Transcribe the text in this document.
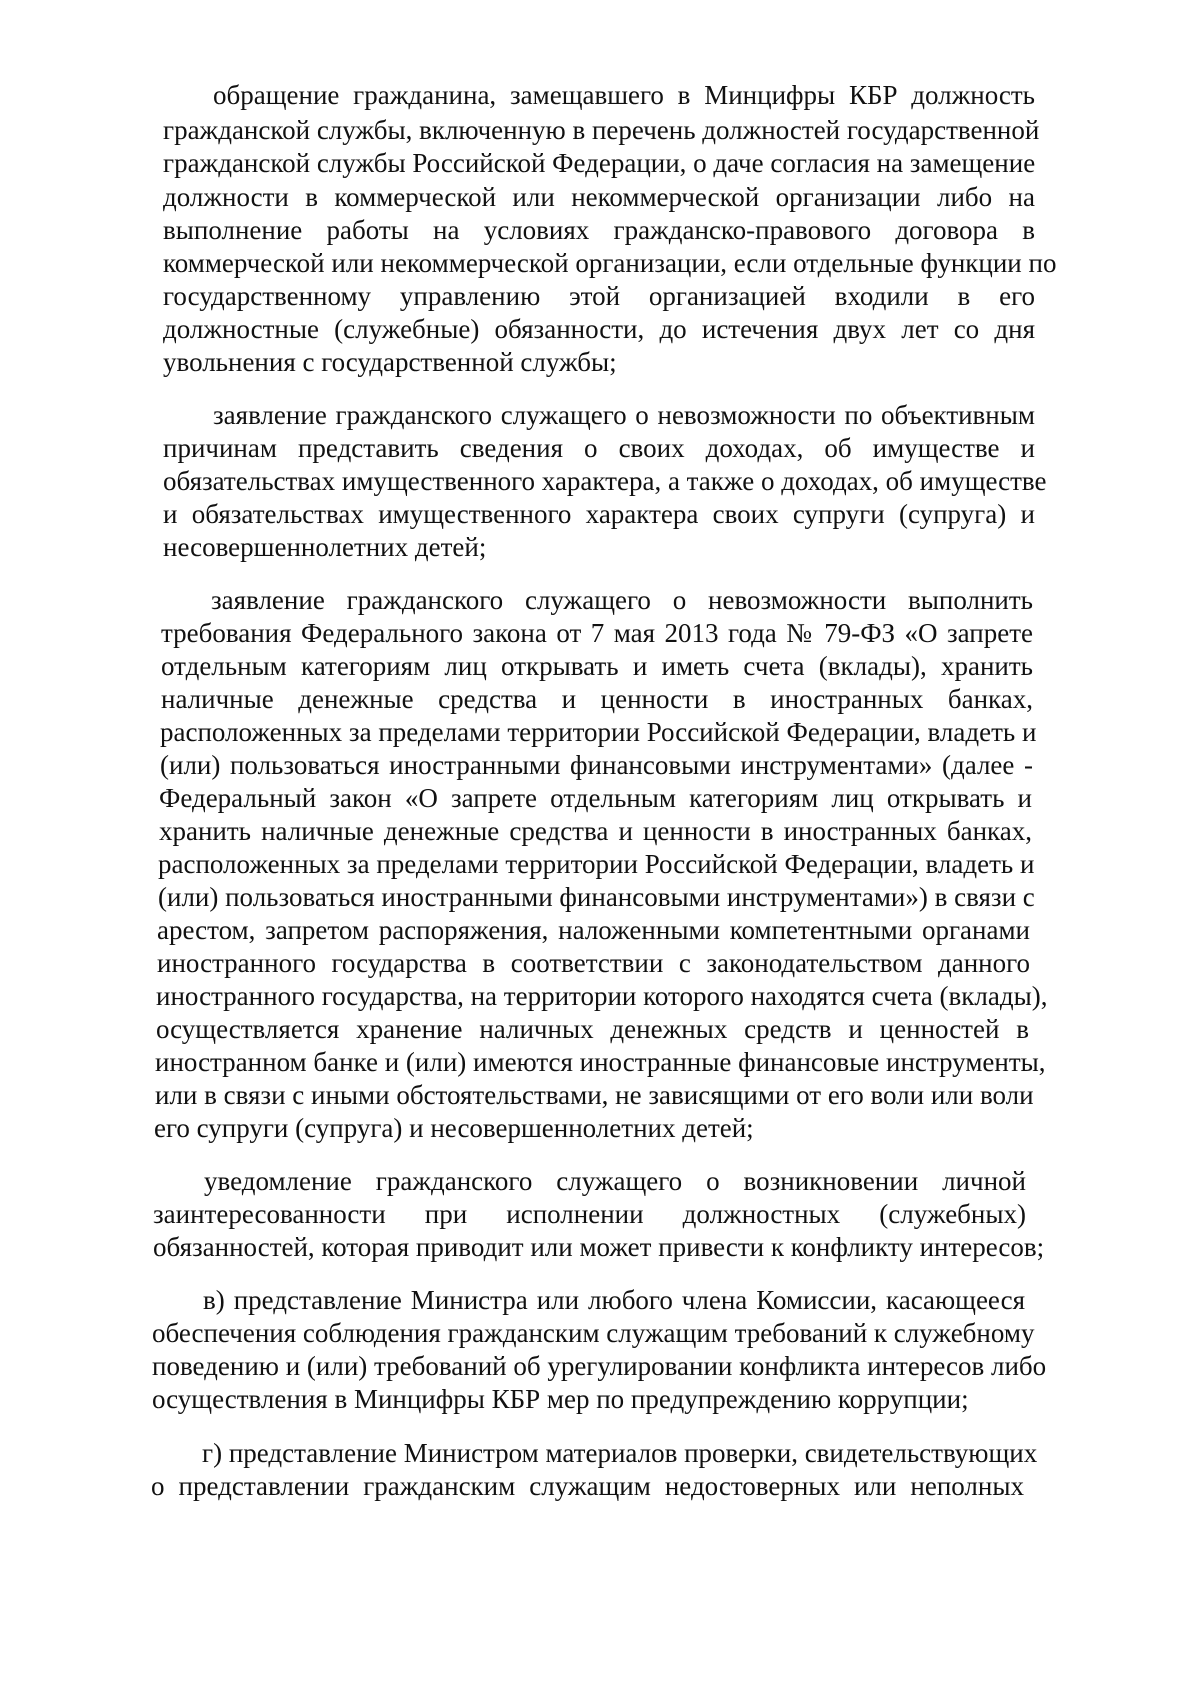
обращение гражданина, замещавшего в Минцифры КБР должность
гражданской службы, включенную в перечень должностей государственной
гражданской службы Российской Федерации, о даче согласия на замещение
должности в коммерческой или некоммерческой организации либо на
выполнение работы на условиях гражданско-правового договора в
коммерческой или некоммерческой организации, если отдельные функции по
государственному управлению этой организацией входили в его
должностные (служебные) обязанности, до истечения двух лет со дня
увольнения с государственной службы;
заявление гражданского служащего о невозможности по объективным
причинам представить сведения о своих доходах, об имуществе и
обязательствах имущественного характера, а также о доходах, об имуществе
и обязательствах имущественного характера своих супруги (супруга) и
несовершеннолетних детей;
заявление гражданского служащего о невозможности выполнить
требования Федерального закона от 7 мая 2013 года № 79-ФЗ «О запрете
отдельным категориям лиц открывать и иметь счета (вклады), хранить
наличные денежные средства и ценности в иностранных банках,
расположенных за пределами территории Российской Федерации, владеть и
(или) пользоваться иностранными финансовыми инструментами» (далее -
Федеральный закон «О запрете отдельным категориям лиц открывать и
хранить наличные денежные средства и ценности в иностранных банках,
расположенных за пределами территории Российской Федерации, владеть и
(или) пользоваться иностранными финансовыми инструментами») в связи с
арестом, запретом распоряжения, наложенными компетентными органами
иностранного государства в соответствии с законодательством данного
иностранного государства, на территории которого находятся счета (вклады),
осуществляется хранение наличных денежных средств и ценностей в
иностранном банке и (или) имеются иностранные финансовые инструменты,
или в связи с иными обстоятельствами, не зависящими от его воли или воли
его супруги (супруга) и несовершеннолетних детей;
уведомление гражданского служащего о возникновении личной
заинтересованности при исполнении должностных (служебных)
обязанностей, которая приводит или может привести к конфликту интересов;
в) представление Министра или любого члена Комиссии, касающееся
обеспечения соблюдения гражданским служащим требований к служебному
поведению и (или) требований об урегулировании конфликта интересов либо
осуществления в Минцифры КБР мер по предупреждению коррупции;
г) представление Министром материалов проверки, свидетельствующих
о представлении гражданским служащим недостоверных или неполных
